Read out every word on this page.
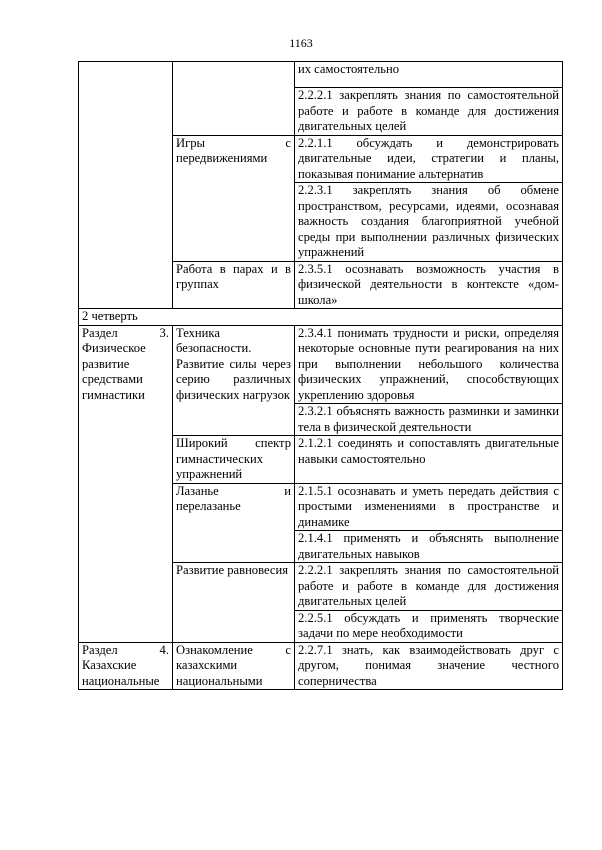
1163

		их самостоятельно

		2.2.2.1 закреплять знания по самостоятельной работе и работе в команде для достижения двигательных целей

	Игры с передвижениями	2.2.1.1 обсуждать и демонстрировать двигательные идеи, стратегии и планы, показывая понимание альтернатив

		2.2.3.1 закреплять знания об обмене пространством, ресурсами, идеями, осознавая важность создания благоприятной учебной среды при выполнении различных физических упражнений

	Работа в парах и в группах	2.3.5.1 осознавать возможность участия в физической деятельности в контексте «дом-школа»

2 четверть		

Раздел 3. Физическое развитие средствами гимнастики	Техника безопасности. Развитие силы через серию различных физических нагрузок	2.3.4.1 понимать трудности и риски, определяя некоторые основные пути реагирования на них при выполнении небольшого количества физических упражнений, способствующих укреплению здоровья

		2.3.2.1 объяснять важность разминки и заминки тела в физической деятельности

	Широкий спектр гимнастических упражнений	2.1.2.1 соединять и сопоставлять двигательные навыки самостоятельно

	Лазанье и перелазанье	2.1.5.1 осознавать и уметь передать действия с простыми изменениями в пространстве и динамике

		2.1.4.1 применять и объяснять выполнение двигательных навыков

	Развитие равновесия	2.2.2.1 закреплять знания по самостоятельной работе и работе в команде для достижения двигательных целей

		2.2.5.1 обсуждать и применять творческие задачи по мере необходимости

Раздел 4. Казахские национальные	Ознакомление с казахскими национальными	2.2.7.1 знать, как взаимодействовать друг с другом, понимая значение честного соперничества
